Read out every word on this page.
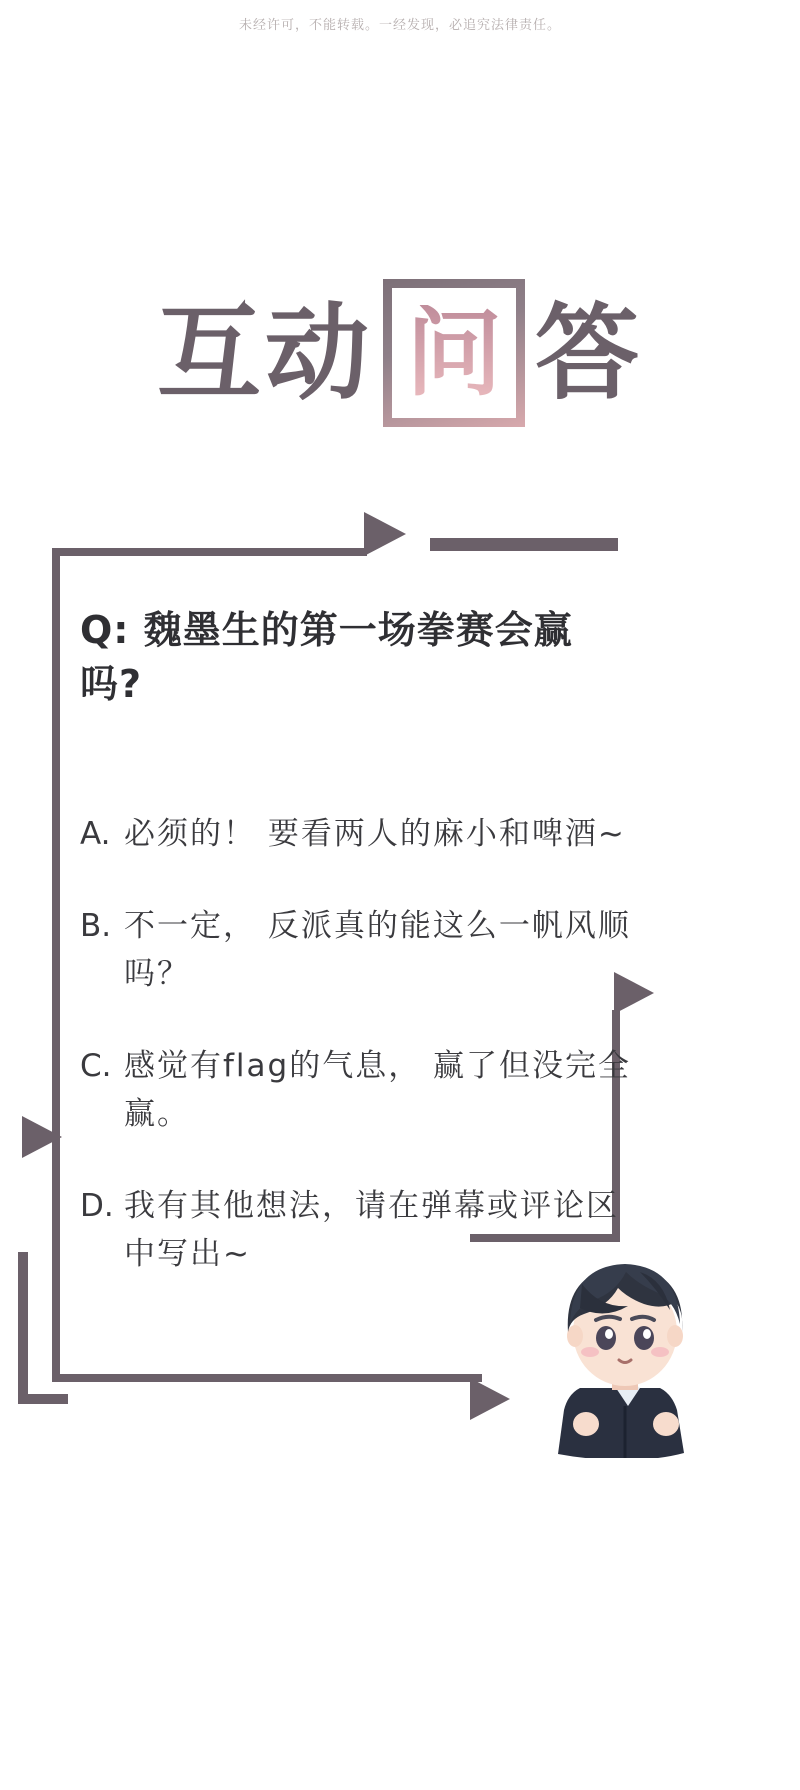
未经许可，不能转载。一经发现，必追究法律责任。
互动 问 答
Q: 魏墨生的第一场拳赛会赢吗?
A. 必须的！ 要看两人的麻小和啤酒~
B. 不一定， 反派真的能这么一帆风顺吗？
C. 感觉有flag的气息， 赢了但没完全赢。
D. 我有其他想法，请在弹幕或评论区中写出~
